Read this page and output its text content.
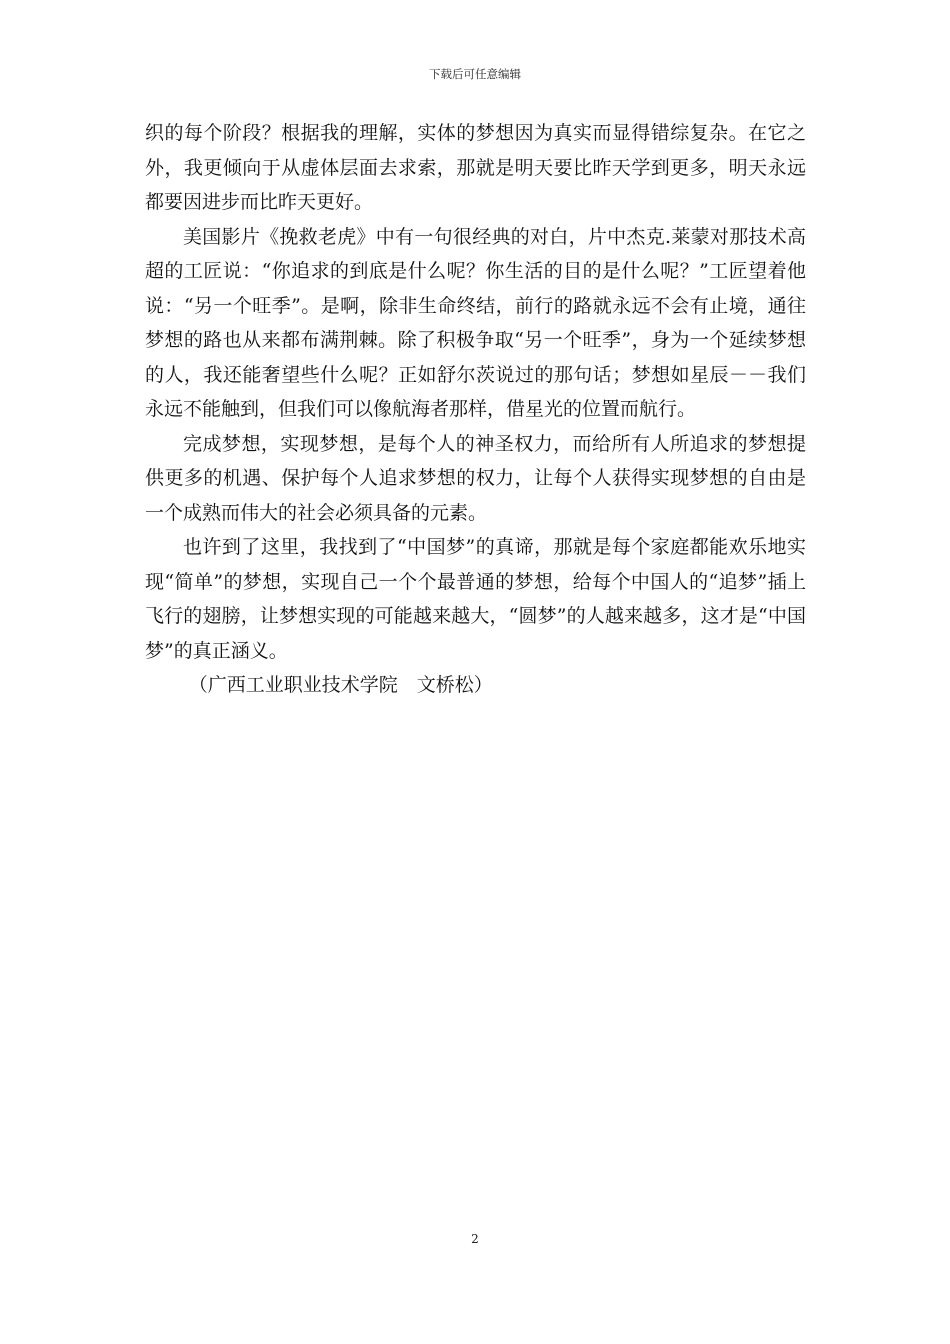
下载后可任意编辑

织的每个阶段？根据我的理解，实体的梦想因为真实而显得错综复杂。在它之外，我更倾向于从虚体层面去求索，那就是明天要比昨天学到更多，明天永远都要因进步而比昨天更好。

美国影片《挽救老虎》中有一句很经典的对白，片中杰克.莱蒙对那技术高超的工匠说：“你追求的到底是什么呢？你生活的目的是什么呢？”工匠望着他说：“另一个旺季”。是啊，除非生命终结，前行的路就永远不会有止境，通往梦想的路也从来都布满荆棘。除了积极争取“另一个旺季”，身为一个延续梦想的人，我还能奢望些什么呢？正如舒尔茨说过的那句话；梦想如星辰－－我们永远不能触到，但我们可以像航海者那样，借星光的位置而航行。

完成梦想，实现梦想，是每个人的神圣权力，而给所有人所追求的梦想提供更多的机遇、保护每个人追求梦想的权力，让每个人获得实现梦想的自由是一个成熟而伟大的社会必须具备的元素。

也许到了这里，我找到了“中国梦”的真谛，那就是每个家庭都能欢乐地实现“简单”的梦想，实现自己一个个最普通的梦想，给每个中国人的“追梦”插上飞行的翅膀，让梦想实现的可能越来越大，“圆梦”的人越来越多，这才是“中国梦”的真正涵义。

（广西工业职业技术学院　文桥松）

2
